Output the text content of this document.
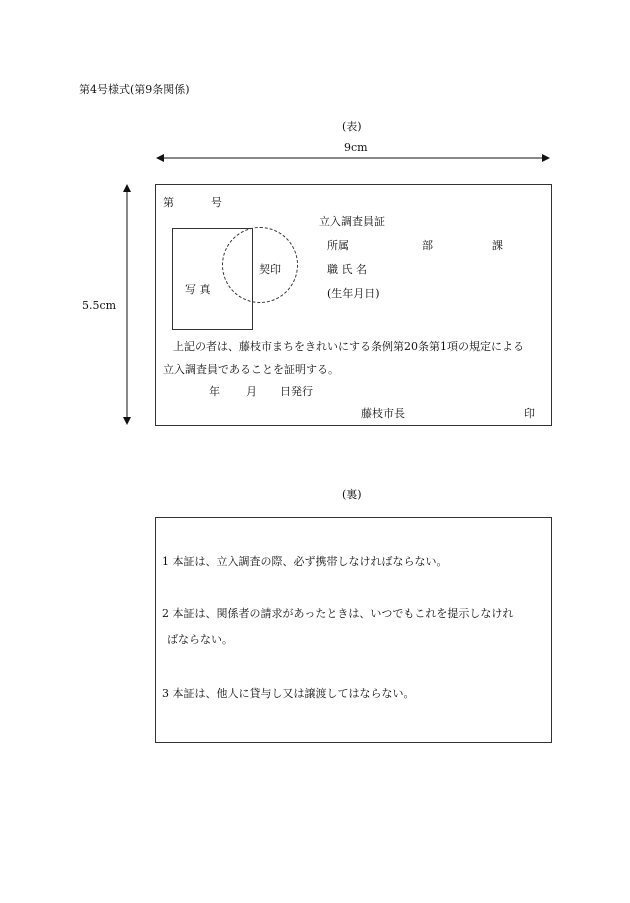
第4号様式(第9条関係)
(表)
9cm
5.5cm
第	号
立入調査員証
所属	部	課
職 氏 名
(生年月日)
写 真
契印
上記の者は、藤枝市まちをきれいにする条例第20条第1項の規定による
立入調査員であることを証明する。
年 月 日発行
藤枝市長	印
(裏)
1 本証は、立入調査の際、必ず携帯しなければならない。
2 本証は、関係者の請求があったときは、いつでもこれを提示しなけれ
ばならない。
3 本証は、他人に貸与し又は譲渡してはならない。
